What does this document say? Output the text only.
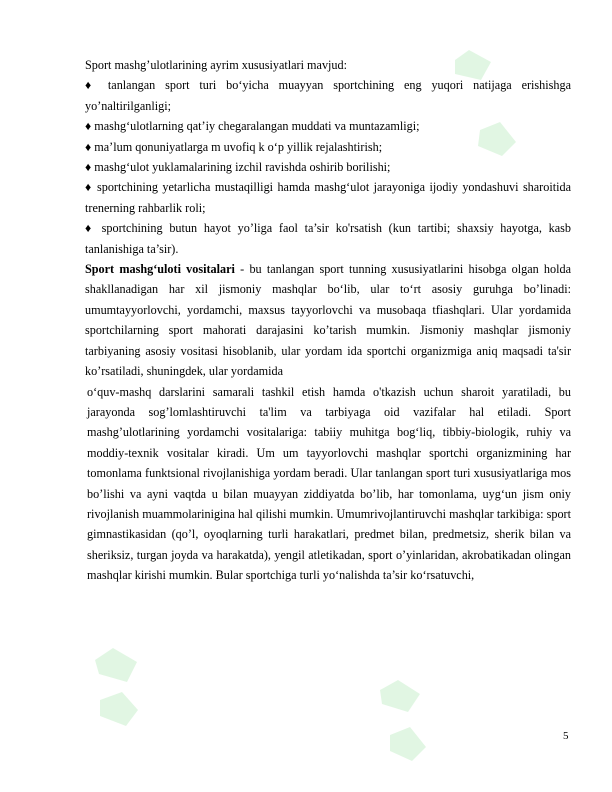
Sport mashg’ulotlarining ayrim xususiyatlari mavjud:

♦ tanlangan sport turi bo‘yicha muayyan sportchining eng yuqori natijaga erishishga yo’naltirilganligi;

♦ mashg‘ulotlarning qat’iy chegaralangan muddati va muntazamligi;

♦ ma’lum qonuniyatlarga m uvofiq k o‘p yillik rejalashtirish;

♦ mashg‘ulot yuklamalarining izchil ravishda oshirib borilishi;

♦ sportchining yetarlicha mustaqilligi hamda mashg‘ulot jarayoniga ijodiy yondashuvi sharoitida trenerning rahbarlik roli;

♦ sportchining butun hayot yo’liga faol ta’sir ko'rsatish (kun tartibi; shaxsiy hayotga, kasb tanlanishiga ta’sir).

Sport mashg‘uloti vositalari - bu tanlangan sport tunning xususiyatlarini hisobga olgan holda shakllanadigan har xil jismoniy mashqlar bo‘lib, ular to‘rt asosiy guruhga bo’linadi: umumtayyorlovchi, yordamchi, maxsus tayyorlovchi va musobaqa tfiashqlari. Ular yordamida sportchilarning sport mahorati darajasini ko’tarish mumkin. Jismoniy mashqlar jismoniy tarbiyaning asosiy vositasi hisoblanib, ular yordam ida sportchi organizmiga aniq maqsadi ta'sir ko’rsatiladi, shuningdek, ular yordamida

o‘quv-mashq darslarini samarali tashkil etish hamda o'tkazish uchun sharoit yaratiladi, bu jarayonda sog’lomlashtiruvchi ta'lim va tarbiyaga oid vazifalar hal etiladi. Sport mashg’ulotlarining yordamchi vositalariga: tabiiy muhitga bog‘liq, tibbiy-biologik, ruhiy va moddiy-texnik vositalar kiradi. Um um tayyorlovchi mashqlar sportchi organizmining har tomonlama funktsional rivojlanishiga yordam beradi. Ular tanlangan sport turi xususiyatlariga mos bo’lishi va ayni vaqtda u bilan muayyan ziddiyatda bo’lib, har tomonlama, uyg‘un jism oniy rivojlanish muammolarinigina hal qilishi mumkin. Umumrivojlantiruvchi mashqlar tarkibiga: sport gimnastikasidan (qo’l, oyoqlarning turli harakatlari, predmet bilan, predmetsiz, sherik bilan va sheriksiz, turgan joyda va harakatda), yengil atletikadan, sport o’yinlaridan, akrobatikadan olingan mashqlar kirishi mumkin. Bular sportchiga turli yo‘nalishda ta’sir ko‘rsatuvchi,

5
